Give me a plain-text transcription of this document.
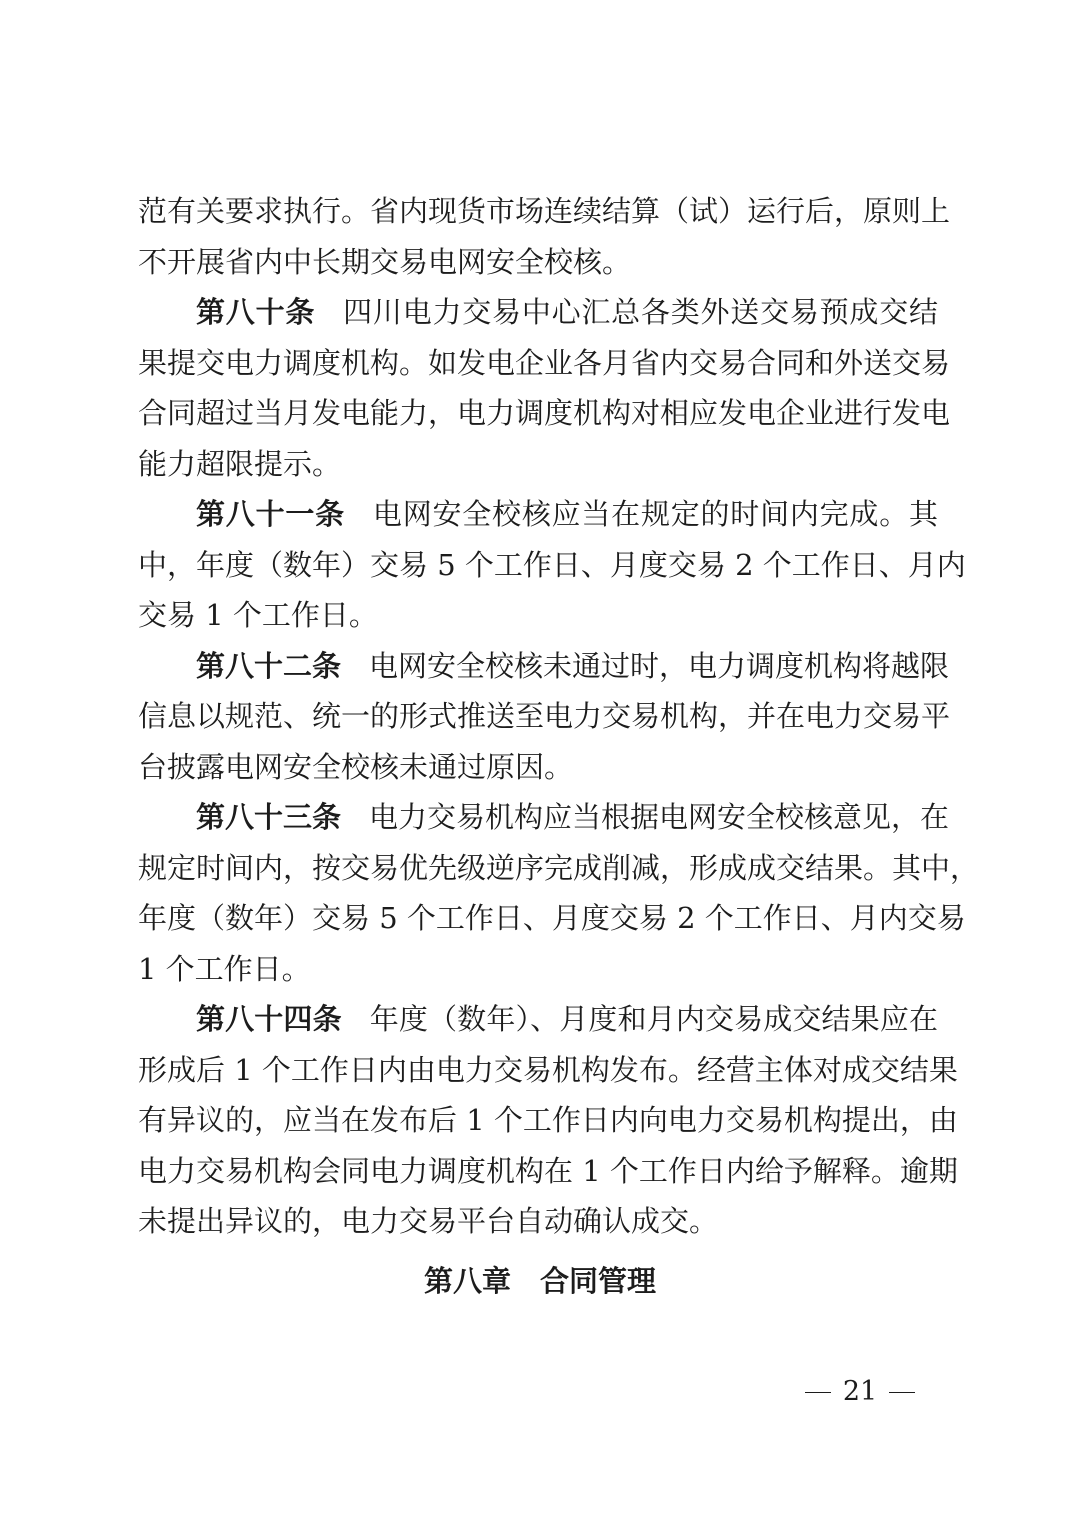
范有关要求执行。省内现货市场连续结算（试）运行后，原则上
不开展省内中长期交易电网安全校核。
第八十条 四川电力交易中心汇总各类外送交易预成交结
果提交电力调度机构。如发电企业各月省内交易合同和外送交易
合同超过当月发电能力，电力调度机构对相应发电企业进行发电
能力超限提示。
第八十一条 电网安全校核应当在规定的时间内完成。其
中，年度（数年）交易 5 个工作日、月度交易 2 个工作日、月内
交易 1 个工作日。
第八十二条 电网安全校核未通过时，电力调度机构将越限
信息以规范、统一的形式推送至电力交易机构，并在电力交易平
台披露电网安全校核未通过原因。
第八十三条 电力交易机构应当根据电网安全校核意见，在
规定时间内，按交易优先级逆序完成削减，形成成交结果。其中，
年度（数年）交易 5 个工作日、月度交易 2 个工作日、月内交易
1 个工作日。
第八十四条 年度（数年）、月度和月内交易成交结果应在
形成后 1 个工作日内由电力交易机构发布。经营主体对成交结果
有异议的，应当在发布后 1 个工作日内向电力交易机构提出，由
电力交易机构会同电力调度机构在 1 个工作日内给予解释。逾期
未提出异议的，电力交易平台自动确认成交。
第八章　合同管理
21
